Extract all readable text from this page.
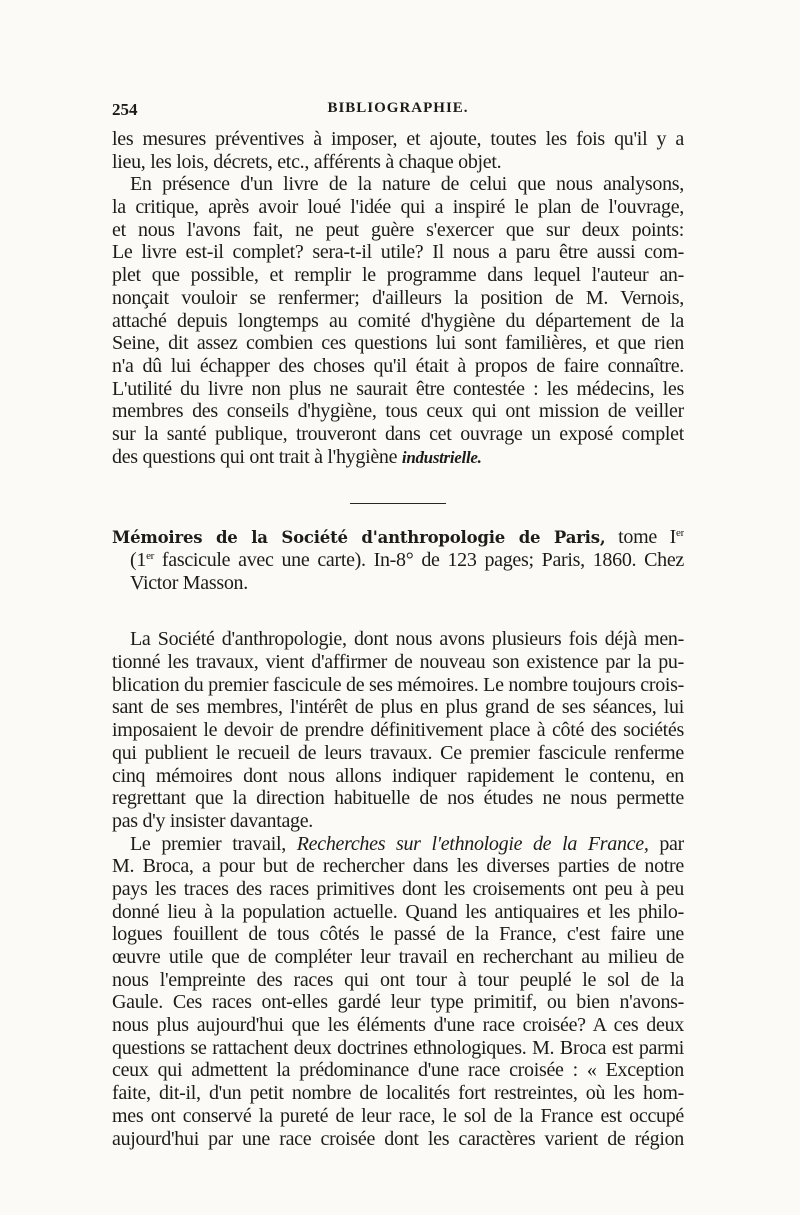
254	BIBLIOGRAPHIE.
les mesures préventives à imposer, et ajoute, toutes les fois qu'il y a
lieu, les lois, décrets, etc., afférents à chaque objet.
En présence d'un livre de la nature de celui que nous analysons,
la critique, après avoir loué l'idée qui a inspiré le plan de l'ouvrage,
et nous l'avons fait, ne peut guère s'exercer que sur deux points:
Le livre est-il complet? sera-t-il utile? Il nous a paru être aussi com-
plet que possible, et remplir le programme dans lequel l'auteur an-
nonçait vouloir se renfermer; d'ailleurs la position de M. Vernois,
attaché depuis longtemps au comité d'hygiène du département de la
Seine, dit assez combien ces questions lui sont familières, et que rien
n'a dû lui échapper des choses qu'il était à propos de faire connaître.
L'utilité du livre non plus ne saurait être contestée : les médecins, les
membres des conseils d'hygiène, tous ceux qui ont mission de veiller
sur la santé publique, trouveront dans cet ouvrage un exposé complet
des questions qui ont trait à l'hygiène industrielle.
Mémoires de la Société d'anthropologie de Paris, tome Ier
(1er fascicule avec une carte). In-8° de 123 pages; Paris, 1860. Chez
Victor Masson.
La Société d'anthropologie, dont nous avons plusieurs fois déjà men-
tionné les travaux, vient d'affirmer de nouveau son existence par la pu-
blication du premier fascicule de ses mémoires. Le nombre toujours crois-
sant de ses membres, l'intérêt de plus en plus grand de ses séances, lui
imposaient le devoir de prendre définitivement place à côté des sociétés
qui publient le recueil de leurs travaux. Ce premier fascicule renferme
cinq mémoires dont nous allons indiquer rapidement le contenu, en
regrettant que la direction habituelle de nos études ne nous permette
pas d'y insister davantage.
Le premier travail, Recherches sur l'ethnologie de la France, par
M. Broca, a pour but de rechercher dans les diverses parties de notre
pays les traces des races primitives dont les croisements ont peu à peu
donné lieu à la population actuelle. Quand les antiquaires et les philo-
logues fouillent de tous côtés le passé de la France, c'est faire une
œuvre utile que de compléter leur travail en recherchant au milieu de
nous l'empreinte des races qui ont tour à tour peuplé le sol de la
Gaule. Ces races ont-elles gardé leur type primitif, ou bien n'avons-
nous plus aujourd'hui que les éléments d'une race croisée? A ces deux
questions se rattachent deux doctrines ethnologiques. M. Broca est parmi
ceux qui admettent la prédominance d'une race croisée : « Exception
faite, dit-il, d'un petit nombre de localités fort restreintes, où les hom-
mes ont conservé la pureté de leur race, le sol de la France est occupé
aujourd'hui par une race croisée dont les caractères varient de région
